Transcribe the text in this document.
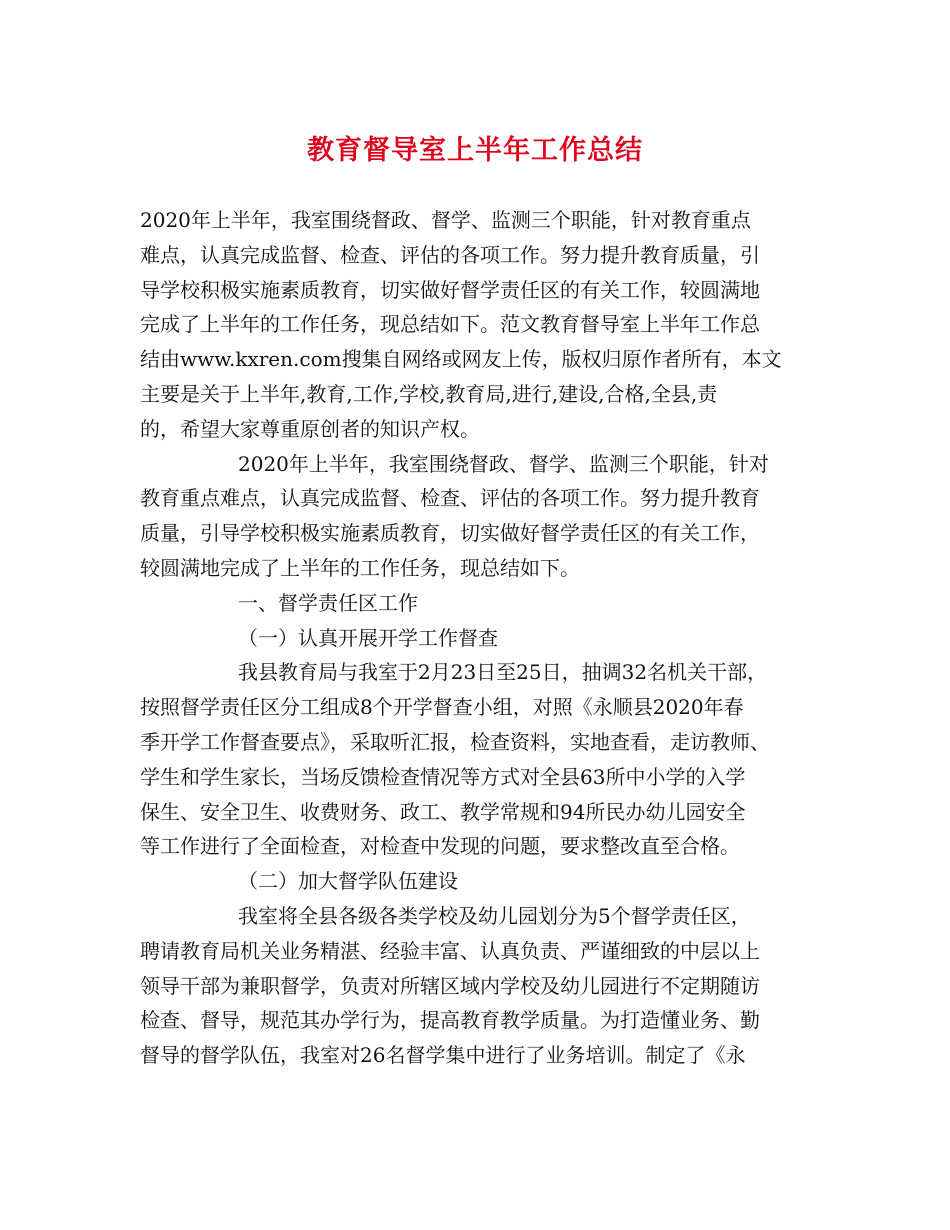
教育督导室上半年工作总结
2020年上半年，我室围绕督政、督学、监测三个职能，针对教育重点
难点，认真完成监督、检查、评估的各项工作。努力提升教育质量，引
导学校积极实施素质教育，切实做好督学责任区的有关工作，较圆满地
完成了上半年的工作任务，现总结如下。范文教育督导室上半年工作总
结由www.kxren.com搜集自网络或网友上传，版权归原作者所有，本文
主要是关于上半年,教育,工作,学校,教育局,进行,建设,合格,全县,责
的，希望大家尊重原创者的知识产权。
2020年上半年，我室围绕督政、督学、监测三个职能，针对
教育重点难点，认真完成监督、检查、评估的各项工作。努力提升教育
质量，引导学校积极实施素质教育，切实做好督学责任区的有关工作，
较圆满地完成了上半年的工作任务，现总结如下。
一、督学责任区工作
（一）认真开展开学工作督查
我县教育局与我室于2月23日至25日，抽调32名机关干部，
按照督学责任区分工组成8个开学督查小组，对照《永顺县2020年春
季开学工作督查要点》，采取听汇报，检查资料，实地查看，走访教师、
学生和学生家长，当场反馈检查情况等方式对全县63所中小学的入学
保生、安全卫生、收费财务、政工、教学常规和94所民办幼儿园安全
等工作进行了全面检查，对检查中发现的问题，要求整改直至合格。
（二）加大督学队伍建设
我室将全县各级各类学校及幼儿园划分为5个督学责任区，
聘请教育局机关业务精湛、经验丰富、认真负责、严谨细致的中层以上
领导干部为兼职督学，负责对所辖区域内学校及幼儿园进行不定期随访
检查、督导，规范其办学行为，提高教育教学质量。为打造懂业务、勤
督导的督学队伍，我室对26名督学集中进行了业务培训。制定了《永
